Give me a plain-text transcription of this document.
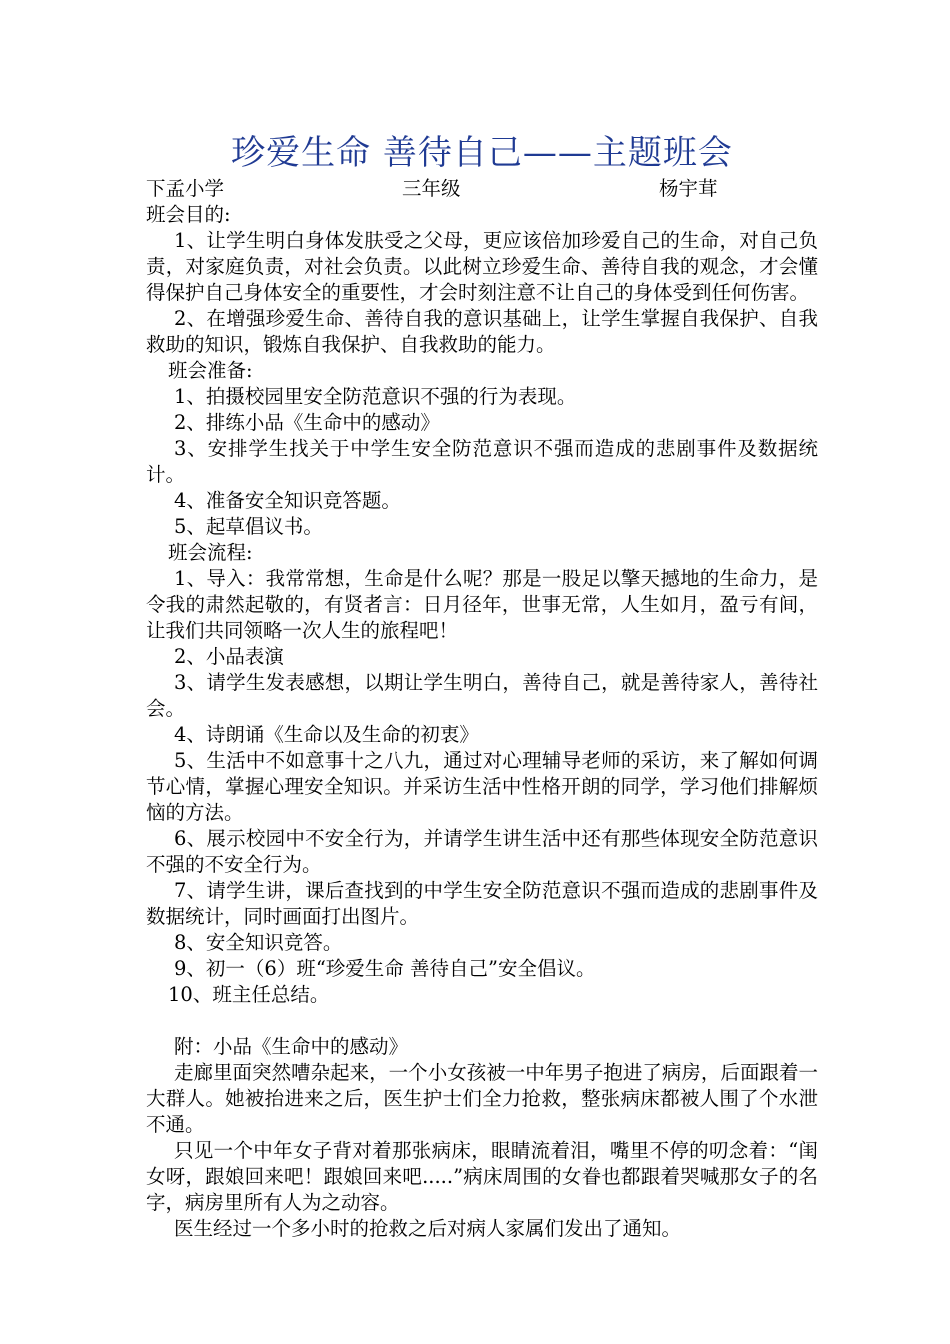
珍爱生命 善待自己——主题班会
下孟小学	三年级	杨宇茸

班会目的:

1、让学生明白身体发肤受之父母，更应该倍加珍爱自己的生命，对自己负责，对家庭负责，对社会负责。以此树立珍爱生命、善待自我的观念，才会懂得保护自己身体安全的重要性，才会时刻注意不让自己的身体受到任何伤害。

2、在增强珍爱生命、善待自我的意识基础上，让学生掌握自我保护、自我救助的知识，锻炼自我保护、自我救助的能力。

班会准备:

1、拍摄校园里安全防范意识不强的行为表现。

2、排练小品《生命中的感动》

3、安排学生找关于中学生安全防范意识不强而造成的悲剧事件及数据统计。

4、准备安全知识竞答题。

5、起草倡议书。

班会流程:

1、导入：我常常想，生命是什么呢？那是一股足以擎天撼地的生命力，是令我的肃然起敬的，有贤者言：日月径年，世事无常，人生如月，盈亏有间，让我们共同领略一次人生的旅程吧！

2、小品表演

3、请学生发表感想，以期让学生明白，善待自己，就是善待家人，善待社会。

4、诗朗诵《生命以及生命的初衷》

5、生活中不如意事十之八九，通过对心理辅导老师的采访，来了解如何调节心情，掌握心理安全知识。并采访生活中性格开朗的同学，学习他们排解烦恼的方法。

6、展示校园中不安全行为，并请学生讲生活中还有那些体现安全防范意识不强的不安全行为。

7、请学生讲，课后查找到的中学生安全防范意识不强而造成的悲剧事件及数据统计，同时画面打出图片。

8、安全知识竞答。

9、初一（6）班“珍爱生命 善待自己”安全倡议。

10、班主任总结。

附：小品《生命中的感动》

走廊里面突然嘈杂起来，一个小女孩被一中年男子抱进了病房，后面跟着一大群人。她被抬进来之后，医生护士们全力抢救，整张病床都被人围了个水泄不通。

只见一个中年女子背对着那张病床，眼睛流着泪，嘴里不停的叨念着：“闺女呀，跟娘回来吧！跟娘回来吧.....”病床周围的女眷也都跟着哭喊那女子的名字，病房里所有人为之动容。

医生经过一个多小时的抢救之后对病人家属们发出了通知。
